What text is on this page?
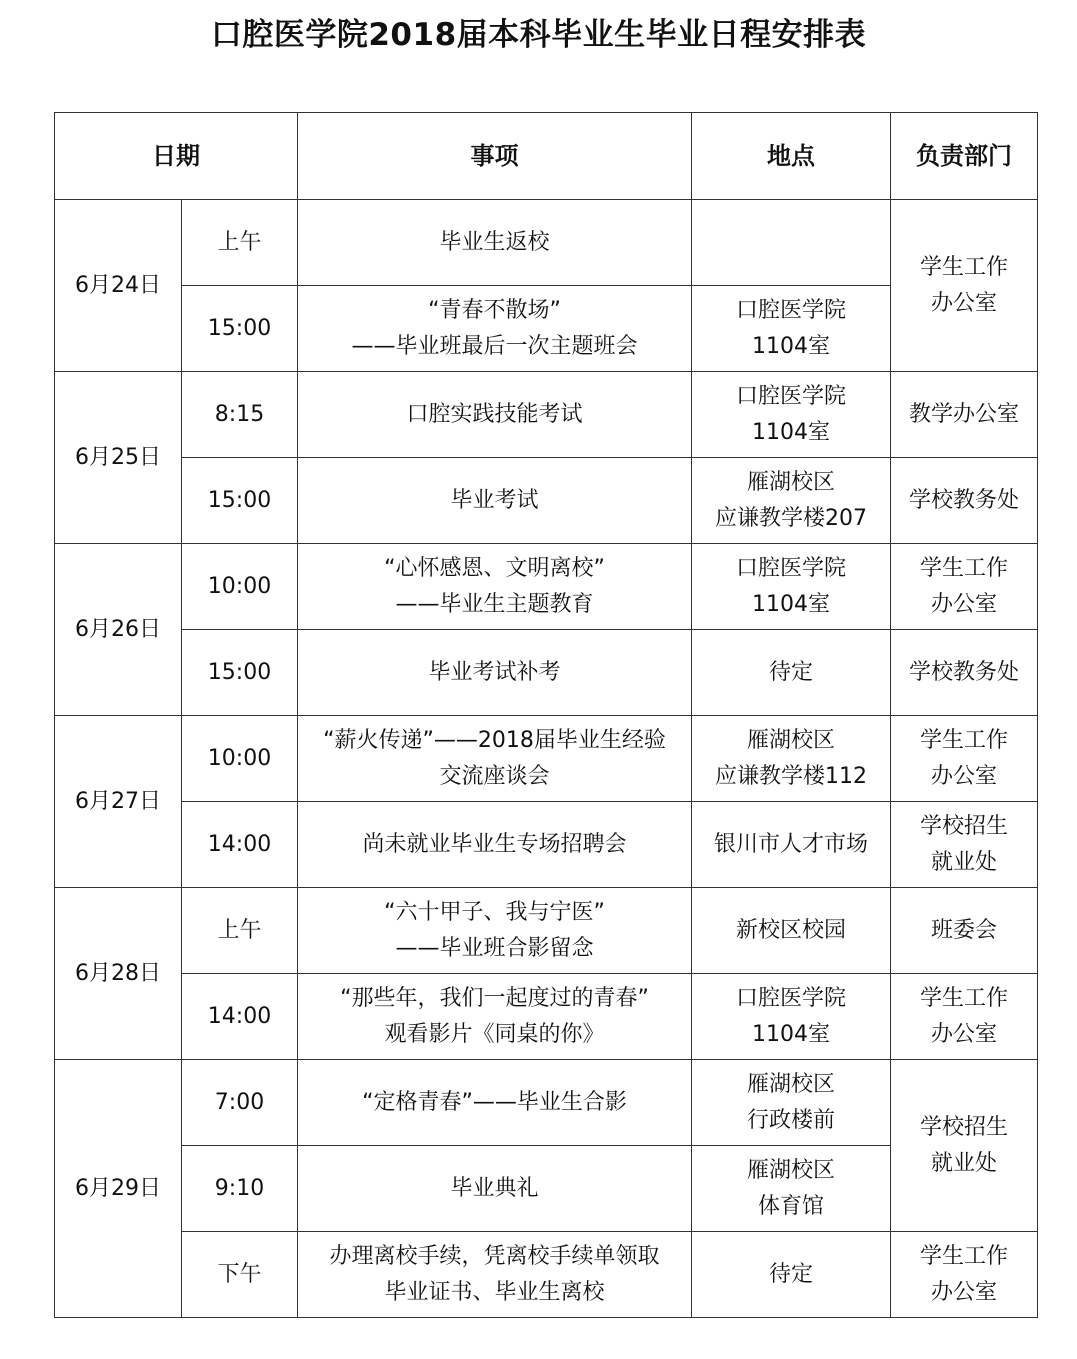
口腔医学院2018届本科毕业生毕业日程安排表
日期		事项	地点	负责部门
6月24日	上午	毕业生返校		学生工作
办公室

	15:00	“青春不散场”
——毕业班最后一次主题班会	口腔医学院
1104室	

6月25日	8:15	口腔实践技能考试	口腔医学院
1104室	教学办公室

	15:00	毕业考试	雁湖校区
应谦教学楼207	学校教务处

6月26日	10:00	“心怀感恩、文明离校”
——毕业生主题教育	口腔医学院
1104室	学生工作
办公室

	15:00	毕业考试补考	待定	学校教务处

6月27日	10:00	“薪火传递”——2018届毕业生经验
交流座谈会	雁湖校区
应谦教学楼112	学生工作
办公室

	14:00	尚未就业毕业生专场招聘会	银川市人才市场	学校招生
就业处

6月28日	上午	“六十甲子、我与宁医”
——毕业班合影留念	新校区校园	班委会

	14:00	“那些年，我们一起度过的青春”
观看影片《同桌的你》	口腔医学院
1104室	学生工作
办公室

6月29日	7:00	“定格青春”——毕业生合影	雁湖校区
行政楼前	学校招生
就业处

	9:10	毕业典礼	雁湖校区
体育馆	

	下午	办理离校手续，凭离校手续单领取
毕业证书、毕业生离校	待定	学生工作
办公室
